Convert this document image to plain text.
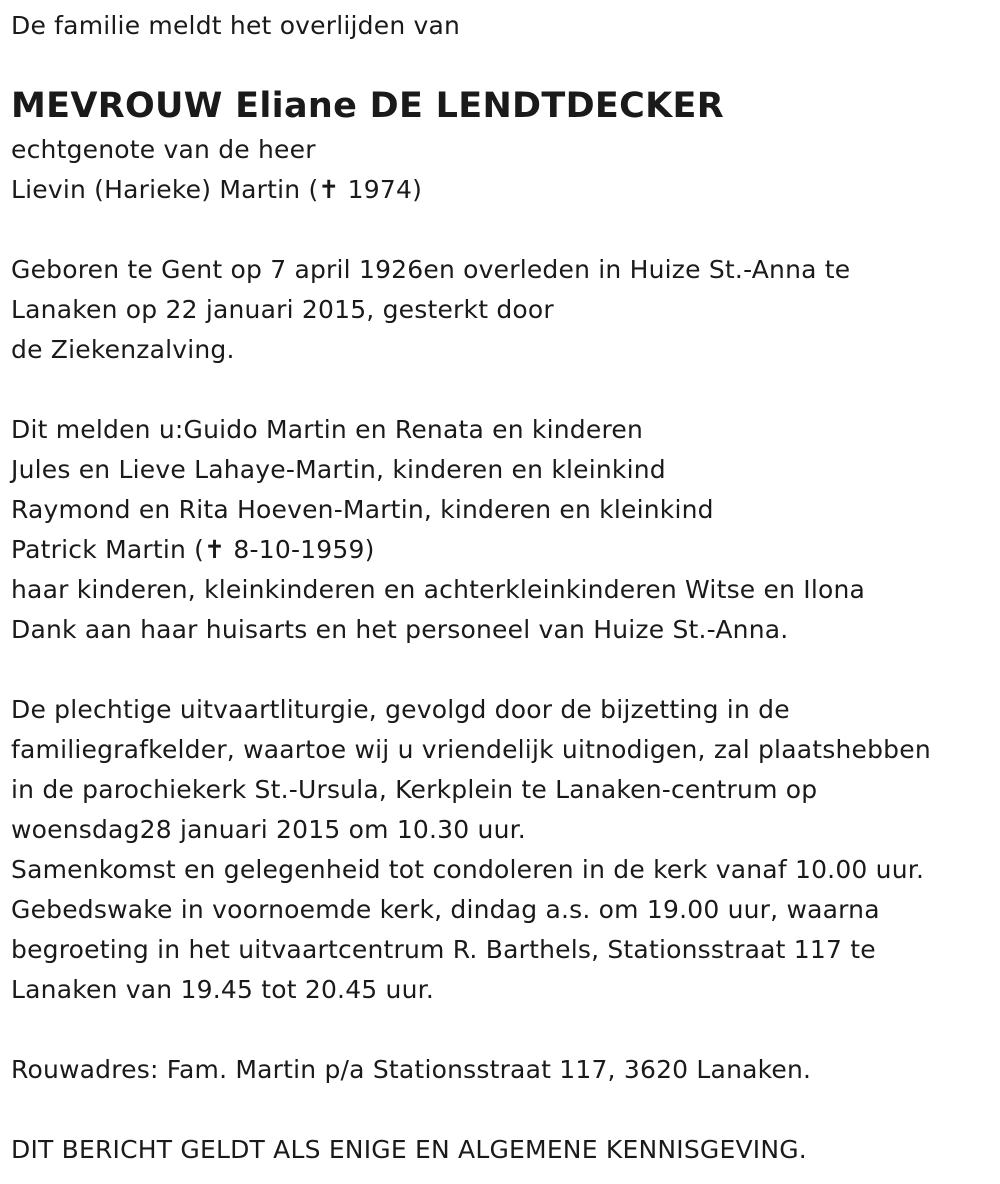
De familie meldt het overlijden van
MEVROUW Eliane DE LENDTDECKER
echtgenote van de heer
Lievin (Harieke) Martin (✝ 1974)
Geboren te Gent op 7 april 1926en overleden in Huize St.-Anna te
Lanaken op 22 januari 2015, gesterkt door
de Ziekenzalving.
Dit melden u:Guido Martin en Renata en kinderen
Jules en Lieve Lahaye-Martin, kinderen en kleinkind
Raymond en Rita Hoeven-Martin, kinderen en kleinkind
Patrick Martin (✝ 8-10-1959)
haar kinderen, kleinkinderen en achterkleinkinderen Witse en Ilona
Dank aan haar huisarts en het personeel van Huize St.-Anna.
De plechtige uitvaartliturgie, gevolgd door de bijzetting in de
familiegrafkelder, waartoe wij u vriendelijk uitnodigen, zal plaatshebben
in de parochiekerk St.-Ursula, Kerkplein te Lanaken-centrum op
woensdag28 januari 2015 om 10.30 uur.
Samenkomst en gelegenheid tot condoleren in de kerk vanaf 10.00 uur.
Gebedswake in voornoemde kerk, dindag a.s. om 19.00 uur, waarna
begroeting in het uitvaartcentrum R. Barthels, Stationsstraat 117 te
Lanaken van 19.45 tot 20.45 uur.
Rouwadres: Fam. Martin p/a Stationsstraat 117, 3620 Lanaken.
DIT BERICHT GELDT ALS ENIGE EN ALGEMENE KENNISGEVING.
